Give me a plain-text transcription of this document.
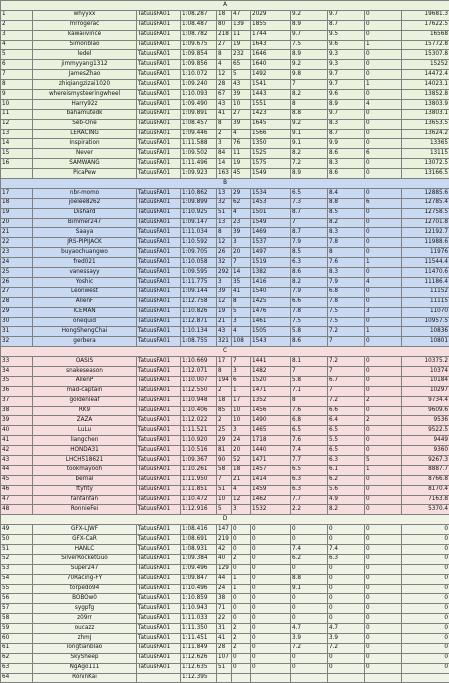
A										
1	whyyxx	TatuusFA01	1:08.287	18	47	2029	9.2	9.7	0	19681.3
2	mrrogerac	TatuusFA01	1:08.487	80	139	1855	8.9	8.7	0	17622.5
3	kawaiivince	TatuusFA01	1:08.782	218	11	1744	9.7	9.5	0	16568
4	Simonblao	TatuusFA01	1:09.675	27	19	1643	7.5	9.6	1	15772.8
5	ledel	TatuusFA01	1:09.854	8	232	1646	8.9	9.3	0	15307.8
6	jimmyyang1312	TatuusFA01	1:09.856	4	65	1640	9.2	9.3	0	15252
7	JamesZhao	TatuusFA01	1:10.072	12	5	1492	9.8	9.7	0	14472.4
8	zhiqiangzizai1020	TatuusFA01	1:09.240	28	43	1541	7	9.7	1	14023.1
9	whereismysteeringwheel	TatuusFA01	1:10.093	67	39	1443	8.2	9.6	0	13852.8
10	Harry92z	TatuusFA01	1:09.490	43	10	1551	8	8.9	4	13803.9
11	bahamutedk	TatuusFA01	1:09.891	41	27	1423	8.8	9.7	0	13803.1
12	Seb-One	TatuusFA01	1:08.457	8	39	1645	9.2	8.3	0	13653.5
13	LERACING	TatuusFA01	1:09.446	2	4	1566	9.1	8.7	0	13624.2
14	Inspiration	TatuusFA01	1:11.588	3	76	1350	9.1	9.9	0	13365
15	Never	TatuusFA01	1:09.502	84	11	1525	8.2	8.6	6	13115
16	SAMWANG	TatuusFA01	1:11.496	14	19	1575	7.2	8.3	0	13072.5
	PicaPew	TatuusFA01	1:09.923	163	45	1549	8.9	8.6	0	13166.5
B										
17	nbr-momo	TatuusFA01	1:10.862	13	29	1534	6.5	8.4	0	12885.6
18	joelee8262	TatuusFA01	1:09.899	32	62	1453	7.3	8.8	6	12785.4
19	Dishard	TatuusFA01	1:10.925	51	4	1501	8.7	8.5	0	12758.5
20	Bimmer247	TatuusFA01	1:09.147	13	23	1549	7	8.2	0	12701.8
21	Saaya	TatuusFA01	1:11.034	8	39	1469	8.7	8.3	0	12192.7
22	JRS-PIPIJACK	TatuusFA01	1:10.592	12	3	1537	7.9	7.8	0	11988.6
23	buyaochuangwo	TatuusFA01	1:09.705	26	20	1497	8.5	8	0	11976
24	fred021	TatuusFA01	1:10.058	32	7	1519	6.3	7.6	1	11544.4
25	vanessayy	TatuusFA01	1:09.595	292	14	1382	8.6	8.3	0	11470.6
26	Yoshic	TatuusFA01	1:11.775	3	35	1416	8.2	7.9	4	11186.4
27	Leonwest	TatuusFA01	1:09.144	39	41	1540	7.9	6.8	0	11152
28	AllenF	TatuusFA01	1:12.758	12	8	1425	6.6	7.8	0	11115
29	ICEMAN	TatuusFA01	1:10.826	19	5	1476	7.8	7.5	3	11070
30	onequid	TatuusFA01	1:12.871	21	3	1461	7.5	7.5	0	10957.5
31	HongShengChai	TatuusFA01	1:10.134	43	4	1505	5.8	7.2	1	10836
32	gerbera	TatuusFA01	1:08.755	321	108	1543	8.6	7	0	10801
C										
33	OASIS	TatuusFA01	1:10.669	17	7	1441	8.1	7.2	0	10375.2
34	snakeseason	TatuusFA01	1:12.071	8	3	1482	7	7	0	10374
35	AllenP	TatuusFA01	1:10.007	194	6	1520	5.8	6.7	0	10184
36	mad-captain	TatuusFA01	1:12.550	2	1	1471	7.1	7	0	10297
37	goldenleaf	TatuusFA01	1:10.948	18	17	1352	8	7.2	2	9734.4
38	RK9	TatuusFA01	1:10.406	85	10	1456	7.6	6.6	0	9609.6
39	ZAZA	TatuusFA01	1:12.022	2	10	1490	6.8	6.4	2	9536
40	LuLu	TatuusFA01	1:11.521	25	3	1465	6.5	6.5	0	9522.5
41	liangchen	TatuusFA01	1:10.920	29	24	1718	7.6	5.5	0	9449
42	HONDA31	TatuusFA01	1:10.516	81	20	1440	7.4	6.5	0	9360
43	LHCH518621	TatuusFA01	1:09.367	90	52	1471	7.7	6.3	5	9267.3
44	tookmayooh	TatuusFA01	1:10.261	58	18	1457	6.5	6.1	1	8887.7
45	bernal	TatuusFA01	1:11.950	7	21	1414	6.3	6.2	0	8766.8
46	ftyfity	TatuusFA01	1:11.851	51	4	1459	6.3	5.6	0	8170.4
47	fanfanfan	TatuusFA01	1:10.472	10	12	1462	7.7	4.9	0	7163.8
48	RonnieFei	TatuusFA01	1:12.916	5	3	1532	2.2	8.2	0	5370.4
D										
49	GFX-LJWF	TatuusFA01	1:08.416	147	0	0	0	0	0	0
50	GFX-CaR	TatuusFA01	1:08.691	219	0	0	0	0	0	0
51	HANLC	TatuusFA01	1:08.931	42	0	0	7.4	7.4	0	0
52	SilverRocketGuo	TatuusFA01	1:09.384	40	2	0	6.2	6.3	0	0
53	Super247	TatuusFA01	1:09.496	129	0	0	0	0	0	0
54	70Racing-FY	TatuusFA01	1:09.847	44	1	0	8.8	0	0	0
55	torpedo94	TatuusFA01	1:10.496	24	1	0	9.1	0	0	0
56	BOBOw0	TatuusFA01	1:10.859	38	0	0	0	0	0	0
57	sygpfg	TatuusFA01	1:10.943	71	0	0	0	0	0	0
58	z09rr	TatuusFA01	1:11.033	22	0	0	0	0	0	0
59	oucazz	TatuusFA01	1:11.350	31	2	0	4.7	4.7	0	0
60	zhmJ	TatuusFA01	1:11.451	41	2	0	3.9	3.9	0	0
61	longtianblao	TatuusFA01	1:11.849	28	2	0	7.2	7.2	0	0
62	SkySheep	TatuusFA01	1:12.626	107	0	0	0	0	0	0
63	NgAgo111	TatuusFA01	1:12.635	51	0	0	0	0	0	0
64	RoninKai		1:12.395							
